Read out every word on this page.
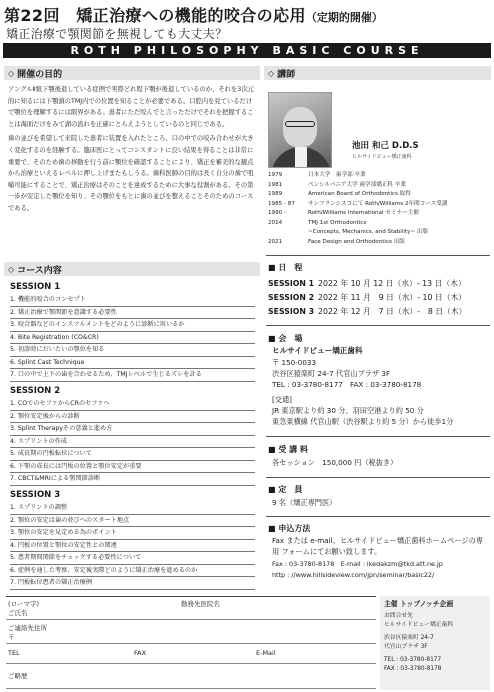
第22回　矯正治療への機能的咬合の応用（定期的開催）
矯正治療で顎関節を無視しても大丈夫？
ROTH PHILOSOPHY BASIC COURSE
◇ 開催の目的

アングルⅡ級下顎後退している症例で実際どれ程下顎が後退しているのか、それを3次元的に知るには下顎頭のTMJ内での位置を知ることが必要である。口腔内を見ているだけで顎位を理解するには限界がある。患者にただ咬んでと言っただけでそれを把握することは海面だけをみて湖の流れを正確にとらえようとしているのと同じである。

歯の並びを希望して来院した患者に装置を入れたところ、口の中での咬み合わせが大きく変化するのを経験する。臨床医にとってコンスタントに良い結果を得ることは非常に重要で、そのため歯の移動を行う前に顎位を確認することにより、矯正を審美的な観点から治療といえるレベルに押し上げまたもしうる。歯科医師の目的は長く自分の歯で咀嚼可能にすることで、矯正治療はそのことを達成するために大事な役割がある。その第一歩が安定した顎位を知り、その顎位をもとに歯の並びを整えることそのためのコースである。

◇ コース内容
SESSION 1
1. 機能的咬合のコンセプト
2. 矯正治療で顎関節を意識する必要性
3. 咬合器などのインスツルメントをどのように診断に用いるか
4. Bite Registration (CO&CR)
5. 初診時にだいたいの顎位を知る
6. Splint Cast Technique
7. 口の中で上下の歯を合わせるため、TMJレベルで生じるズレを計る
SESSION 2
1. COでのセファからCRのセファへ
2. 顎位安定後からの診断
3. Splint Therapyその意義と進め方
4. スプリントの作成
5. 成長期の円板転位について
6. 下顎の成長には円板の位置と顎位安定が重要
7. CBCT&MRIによる顎関節診断
SESSION 3
1. スプリントの調整
2. 顎位の安定は歯の並びへのスタート地点
3. 顎位の安定を見定める為のポイント
4. 円板の位置と顎位の安定性との関連
5. 患者期間関節をチェックする必要性について
6. 症例を通した考察、安定後実際どのように矯正治療を進めるのか
7. 円板転位患者の矯正治療例
◇ 講師
池田 和己 D.D.S
ヒルサイドビュー矯正歯科
1979	日本大学　歯学部 卒業
1981	ペンシルバニア大学 歯学部矯正科 卒業
1989	American Board of Orthodontics 取得
1985 - 87	サンフランシスコにて Roth/Williams 2年間コース受講
1990 -	Roth/Williams International セミナー主催
2014	TMJ 1st Orthodontics
~Concepts, Mechanics, and Stability~ 出版
2021	Face Design and Orthodontics 出版
■ 日　程
SESSION 1 2022 年 10 月 12 日（水）- 13 日（木）
SESSION 2 2022 年 11 月　9 日（水）- 10 日（木）
SESSION 3 2022 年 12 月　7 日（水）-　8 日（木）
■ 会　場
ヒルサイドビュー矯正歯科
〒 150-0033
渋谷区猿楽町 24-7 代官山プラザ 3F
TEL : 03-3780-8177　FAX : 03-3780-8178
[交通]
JR 東京駅より約 30 分、羽田空港より約 50 分
東急東横線 代官山駅（渋谷駅より約 5 分）から徒歩1分
■ 受 講 料
各セッション　150,000 円（税抜き）
■ 定　員
9 名（矯正専門医）
■ 申込方法
Fax または e-mail、ヒルサイドビュー矯正歯科ホームページの専用 フォームにてお願い致します。
Fax : 03-3780-8178　E-mail : ikedakzm@tkd.att.ne.jp
http : //www.hillsideview.com/jpn/seminar/basic22/
(ローマ字)	勤務先医院名
ご氏名
ご連絡先住所
〒
TEL	FAX	E-Mail
ご略歴
主催 トップノッチ企画
お問合せ先
ヒルサイドビュー矯正歯科
渋谷区猿楽町 24-7
代官山プラザ 3F
TEL : 03-3780-8177
FAX : 03-3780-8178
